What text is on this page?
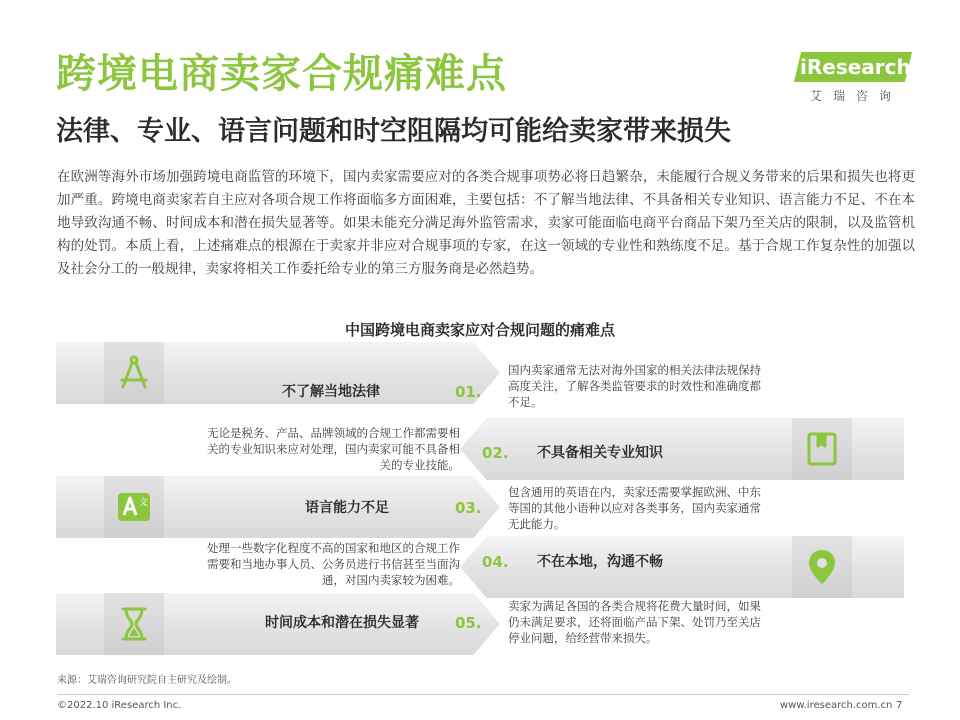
跨境电商卖家合规痛难点
法律、专业、语言问题和时空阻隔均可能给卖家带来损失
iResearch
艾瑞咨询

在欧洲等海外市场加强跨境电商监管的环境下，国内卖家需要应对的各类合规事项势必将日趋繁杂，未能履行合规义务带来的后果和损失也将更加严重。跨境电商卖家若自主应对各项合规工作将面临多方面困难，主要包括：不了解当地法律、不具备相关专业知识、语言能力不足、不在本地导致沟通不畅、时间成本和潜在损失显著等。如果未能充分满足海外监管需求，卖家可能面临电商平台商品下架乃至关店的限制，以及监管机构的处罚。本质上看，上述痛难点的根源在于卖家并非应对合规事项的专家，在这一领域的专业性和熟练度不足。基于合规工作复杂性的加强以及社会分工的一般规律，卖家将相关工作委托给专业的第三方服务商是必然趋势。

中国跨境电商卖家应对合规问题的痛难点
不了解当地法律	01.
国内卖家通常无法对海外国家的相关法律法规保持高度关注，了解各类监管要求的时效性和准确度都不足。
02. 不具备相关专业知识
无论是税务、产品、品牌领域的合规工作都需要相关的专业知识来应对处理，国内卖家可能不具备相关的专业技能。
文	语言能力不足	03.
包含通用的英语在内，卖家还需要掌握欧洲、中东等国的其他小语种以应对各类事务，国内卖家通常无此能力。
04. 不在本地，沟通不畅
处理一些数字化程度不高的国家和地区的合规工作需要和当地办事人员、公务员进行书信甚至当面沟通，对国内卖家较为困难。
时间成本和潜在损失显著 05.
卖家为满足各国的各类合规将花费大量时间，如果仍未满足要求，还将面临产品下架、处罚乃至关店停业问题，给经营带来损失。
来源：艾瑞咨询研究院自主研究及绘制。
©2022.10 iResearch Inc.	www.iresearch.com.cn 7
